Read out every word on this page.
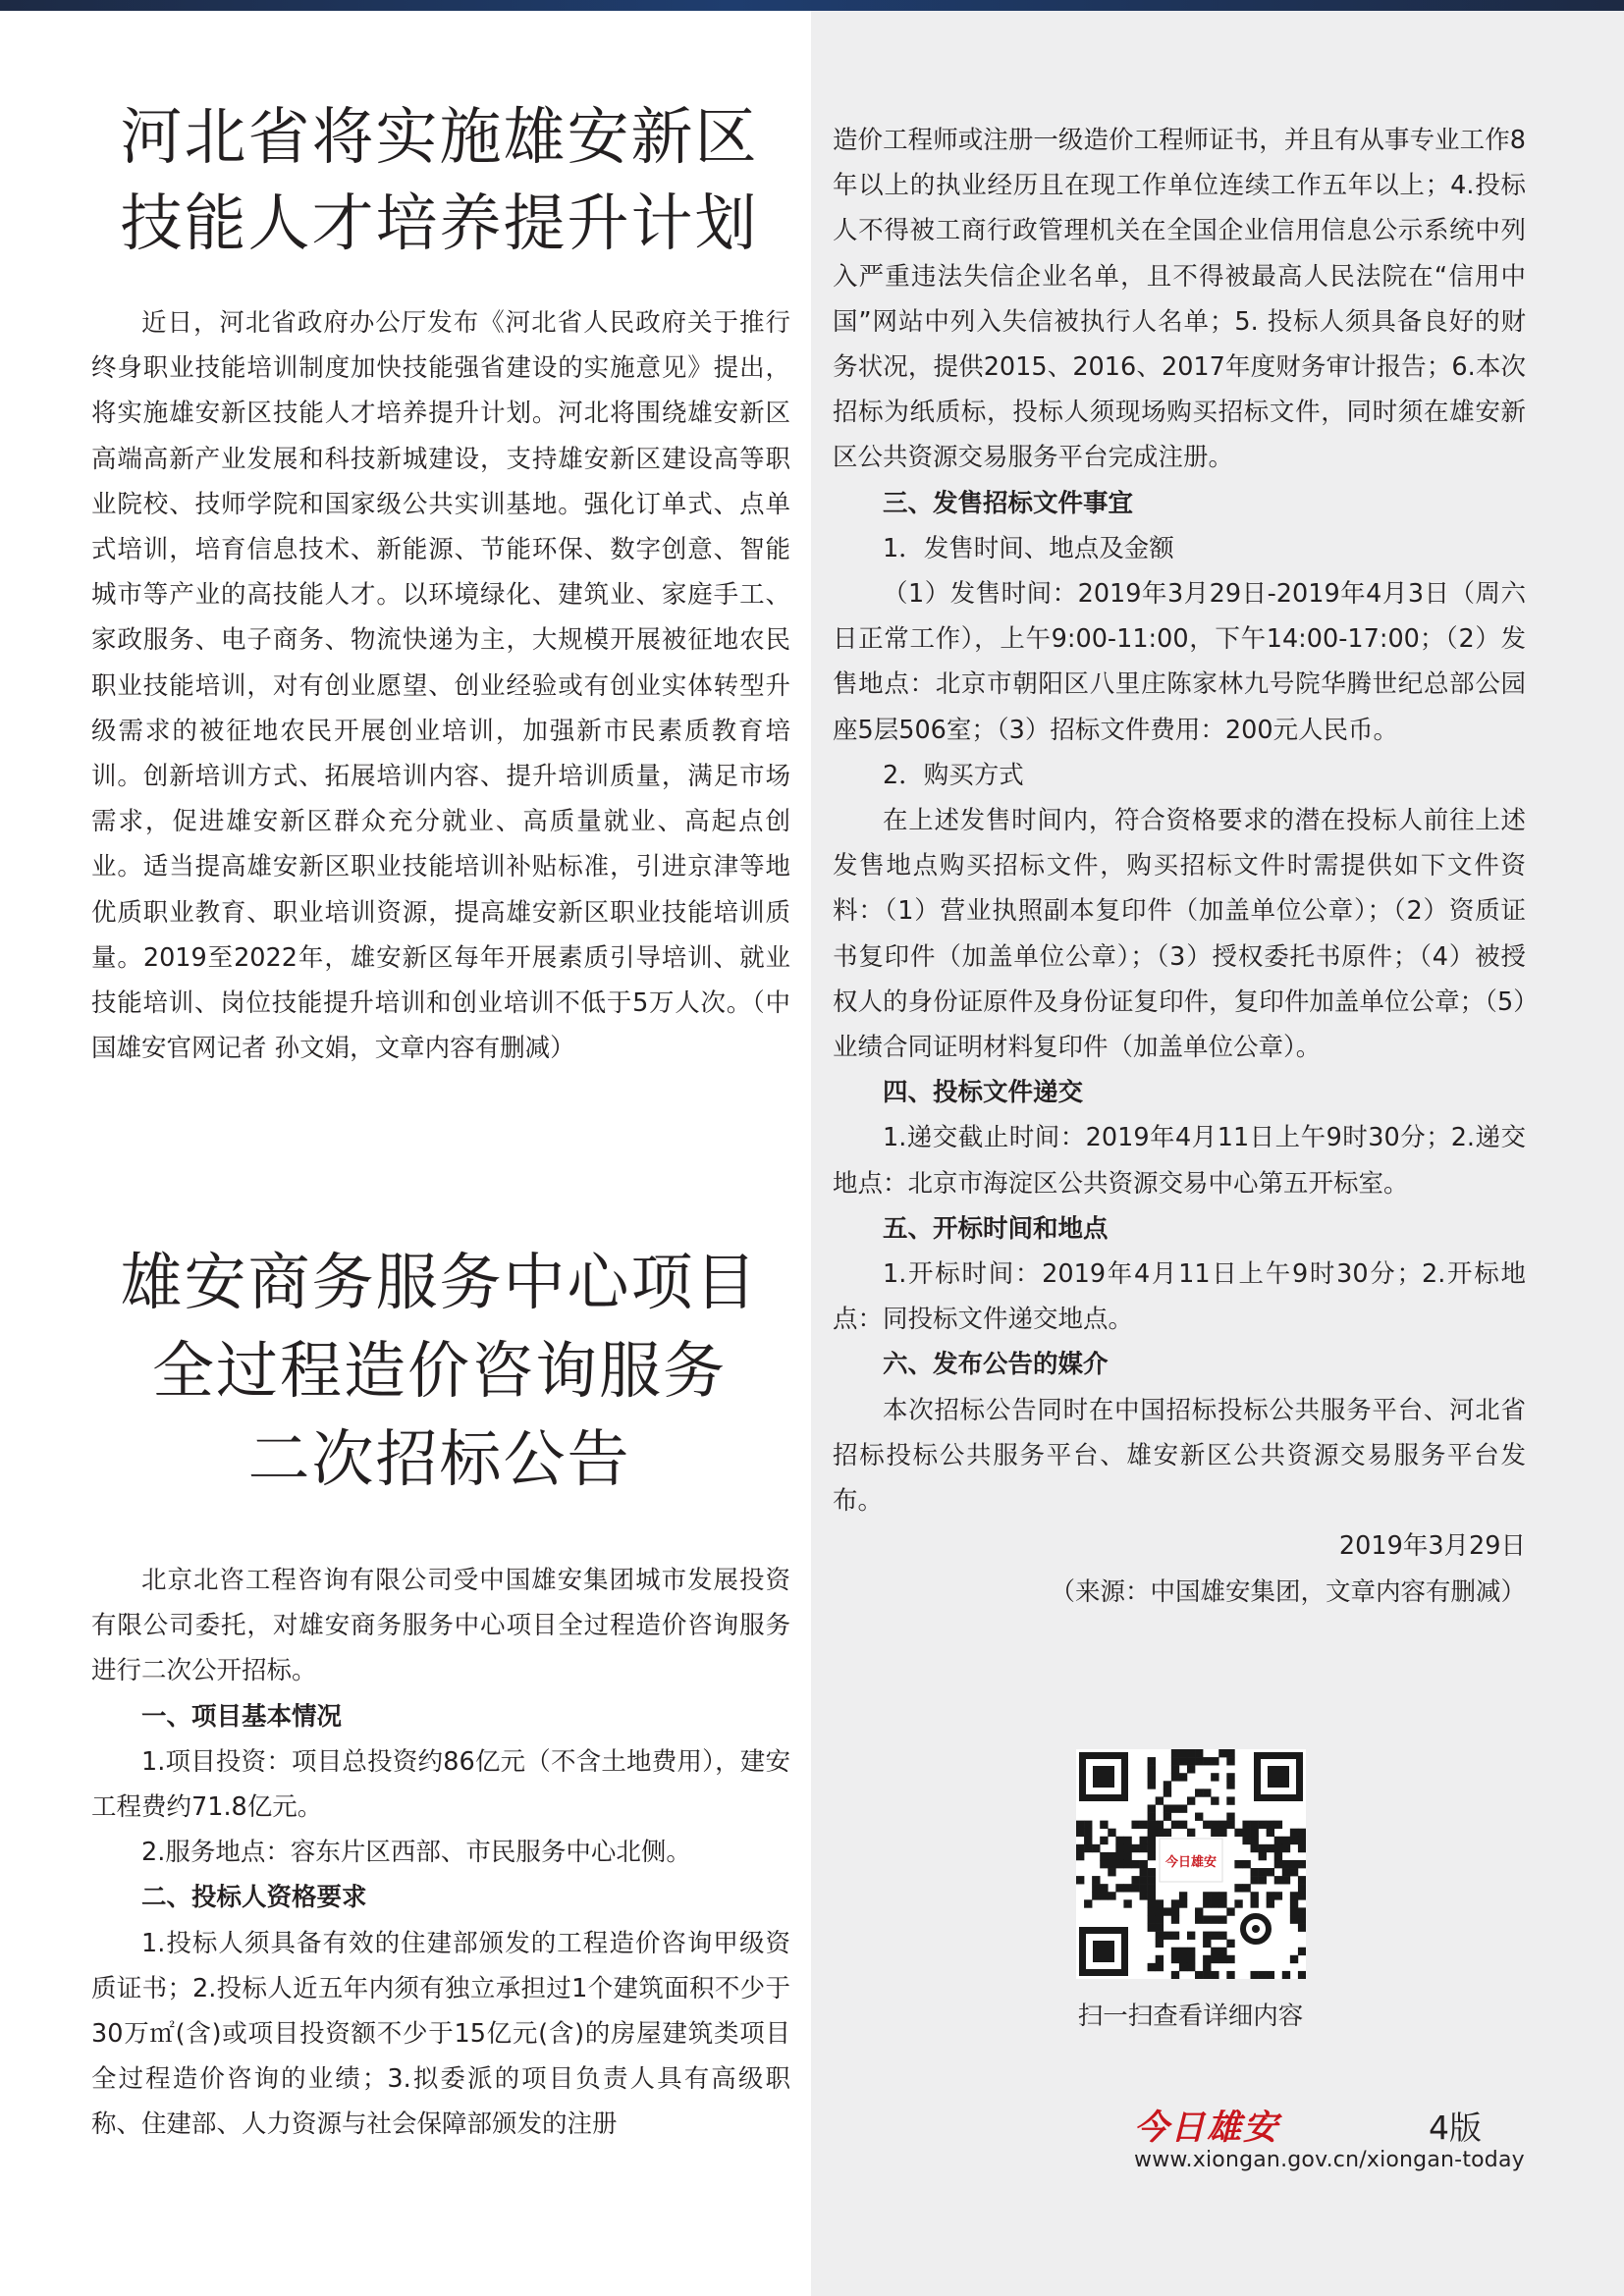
河北省将实施雄安新区
技能人才培养提升计划

近日，河北省政府办公厅发布《河北省人民政府关于推行终身职业技能培训制度加快技能强省建设的实施意见》提出，将实施雄安新区技能人才培养提升计划。河北将围绕雄安新区高端高新产业发展和科技新城建设，支持雄安新区建设高等职业院校、技师学院和国家级公共实训基地。强化订单式、点单式培训，培育信息技术、新能源、节能环保、数字创意、智能城市等产业的高技能人才。以环境绿化、建筑业、家庭手工、家政服务、电子商务、物流快递为主，大规模开展被征地农民职业技能培训，对有创业愿望、创业经验或有创业实体转型升级需求的被征地农民开展创业培训，加强新市民素质教育培训。创新培训方式、拓展培训内容、提升培训质量，满足市场需求，促进雄安新区群众充分就业、高质量就业、高起点创业。适当提高雄安新区职业技能培训补贴标准，引进京津等地优质职业教育、职业培训资源，提高雄安新区职业技能培训质量。2019至2022年，雄安新区每年开展素质引导培训、就业技能培训、岗位技能提升培训和创业培训不低于5万人次。（中国雄安官网记者 孙文娟，文章内容有删减）

雄安商务服务中心项目
全过程造价咨询服务
二次招标公告

北京北咨工程咨询有限公司受中国雄安集团城市发展投资有限公司委托，对雄安商务服务中心项目全过程造价咨询服务进行二次公开招标。

一、项目基本情况

1.项目投资：项目总投资约86亿元（不含土地费用），建安工程费约71.8亿元。

2.服务地点：容东片区西部、市民服务中心北侧。

二、投标人资格要求

1.投标人须具备有效的住建部颁发的工程造价咨询甲级资质证书；2.投标人近五年内须有独立承担过1个建筑面积不少于30万㎡(含)或项目投资额不少于15亿元(含)的房屋建筑类项目全过程造价咨询的业绩；3.拟委派的项目负责人具有高级职称、住建部、人力资源与社会保障部颁发的注册

造价工程师或注册一级造价工程师证书，并且有从事专业工作8年以上的执业经历且在现工作单位连续工作五年以上；4.投标人不得被工商行政管理机关在全国企业信用信息公示系统中列入严重违法失信企业名单，且不得被最高人民法院在“信用中国”网站中列入失信被执行人名单；5. 投标人须具备良好的财务状况，提供2015、2016、2017年度财务审计报告；6.本次招标为纸质标，投标人须现场购买招标文件，同时须在雄安新区公共资源交易服务平台完成注册。

三、发售招标文件事宜

1．发售时间、地点及金额

（1）发售时间：2019年3月29日-2019年4月3日（周六日正常工作），上午9:00-11:00，下午14:00-17:00；（2）发售地点：北京市朝阳区八里庄陈家林九号院华腾世纪总部公园座5层506室；（3）招标文件费用：200元人民币。

2．购买方式

在上述发售时间内，符合资格要求的潜在投标人前往上述发售地点购买招标文件，购买招标文件时需提供如下文件资料：（1）营业执照副本复印件（加盖单位公章）；（2）资质证书复印件（加盖单位公章）；（3）授权委托书原件；（4）被授权人的身份证原件及身份证复印件，复印件加盖单位公章；（5）业绩合同证明材料复印件（加盖单位公章）。

四、投标文件递交

1.递交截止时间：2019年4月11日上午9时30分；2.递交地点：北京市海淀区公共资源交易中心第五开标室。

五、开标时间和地点

1.开标时间：2019年4月11日上午9时30分；2.开标地点：同投标文件递交地点。

六、发布公告的媒介

本次招标公告同时在中国招标投标公共服务平台、河北省招标投标公共服务平台、雄安新区公共资源交易服务平台发布。

2019年3月29日

（来源：中国雄安集团，文章内容有删减）

今日雄安
扫一扫查看详细内容
今日雄安	4版
www.xiongan.gov.cn/xiongan-today
